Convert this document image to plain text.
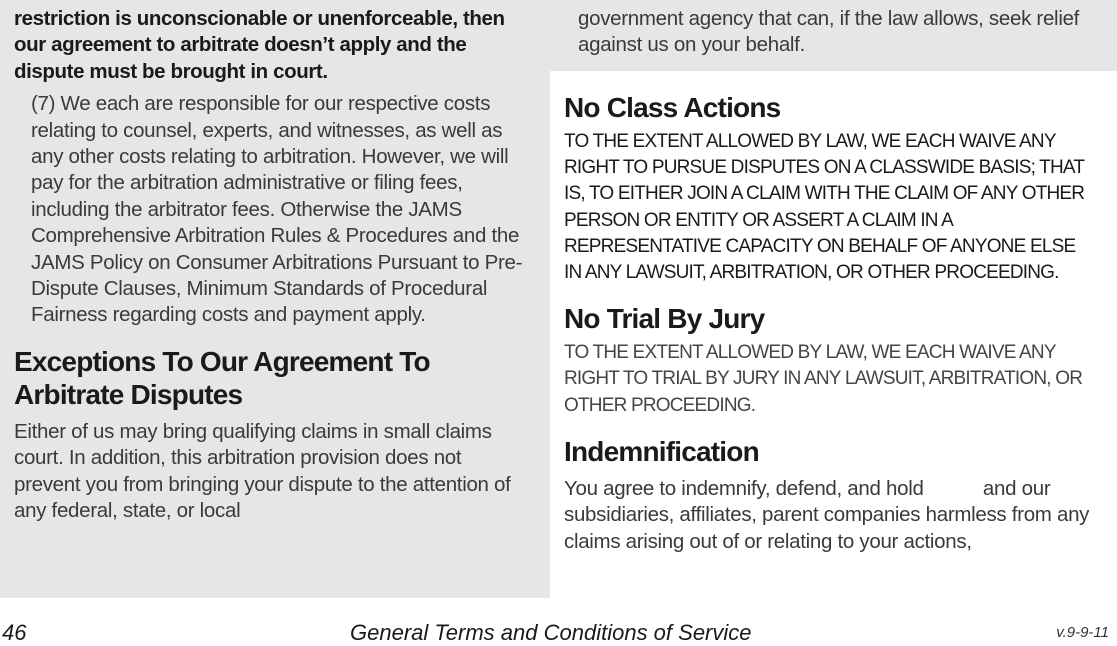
restriction is unconscionable or unenforceable, then our agreement to arbitrate doesn’t apply and the dispute must be brought in court.

(7) We each are responsible for our respective costs relating to counsel, experts, and witnesses, as well as any other costs relating to arbitration. However, we will pay for the arbitration administrative or filing fees, including the arbitrator fees. Otherwise the JAMS Comprehensive Arbitration Rules & Procedures and the JAMS Policy on Consumer Arbitrations Pursuant to Pre-Dispute Clauses, Minimum Standards of Procedural Fairness regarding costs and payment apply.

Exceptions To Our Agreement To Arbitrate Disputes

Either of us may bring qualifying claims in small claims court. In addition, this arbitration provision does not prevent you from bringing your dispute to the attention of any federal, state, or local

government agency that can, if the law allows, seek relief against us on your behalf.

No Class Actions

TO THE EXTENT ALLOWED BY LAW, WE EACH WAIVE ANY RIGHT TO PURSUE DISPUTES ON A CLASSWIDE BASIS; THAT IS, TO EITHER JOIN A CLAIM WITH THE CLAIM OF ANY OTHER PERSON OR ENTITY OR ASSERT A CLAIM IN A REPRESENTATIVE CAPACITY ON BEHALF OF ANYONE ELSE IN ANY LAWSUIT, ARBITRATION, OR OTHER PROCEEDING.

No Trial By Jury

TO THE EXTENT ALLOWED BY LAW, WE EACH WAIVE ANY RIGHT TO TRIAL BY JURY IN ANY LAWSUIT, ARBITRATION, OR OTHER PROCEEDING.

Indemnification

You agree to indemnify, defend, and hold           and our subsidiaries, affiliates, parent companies harmless from any claims arising out of or relating to your actions,

46	General Terms and Conditions of Service	v.9-9-11
